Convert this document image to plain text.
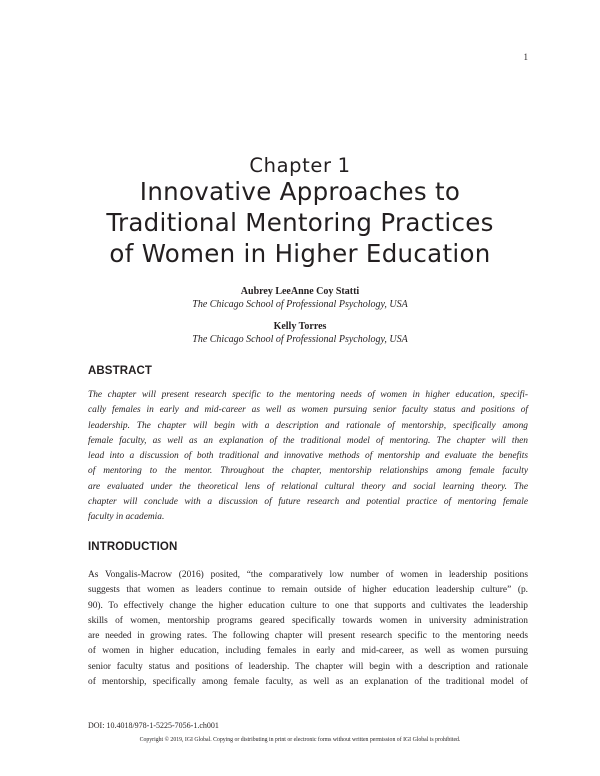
1
Chapter 1
Innovative Approaches to
Traditional Mentoring Practices
of Women in Higher Education
Aubrey LeeAnne Coy Statti
The Chicago School of Professional Psychology, USA
Kelly Torres
The Chicago School of Professional Psychology, USA
ABSTRACT
The chapter will present research specific to the mentoring needs of women in higher education, specifi-
cally females in early and mid-career as well as women pursuing senior faculty status and positions of
leadership. The chapter will begin with a description and rationale of mentorship, specifically among
female faculty, as well as an explanation of the traditional model of mentoring. The chapter will then
lead into a discussion of both traditional and innovative methods of mentorship and evaluate the benefits
of mentoring to the mentor. Throughout the chapter, mentorship relationships among female faculty
are evaluated under the theoretical lens of relational cultural theory and social learning theory. The
chapter will conclude with a discussion of future research and potential practice of mentoring female
faculty in academia.
INTRODUCTION
As Vongalis-Macrow (2016) posited, “the comparatively low number of women in leadership positions
suggests that women as leaders continue to remain outside of higher education leadership culture” (p.
90). To effectively change the higher education culture to one that supports and cultivates the leadership
skills of women, mentorship programs geared specifically towards women in university administration
are needed in growing rates. The following chapter will present research specific to the mentoring needs
of women in higher education, including females in early and mid-career, as well as women pursuing
senior faculty status and positions of leadership. The chapter will begin with a description and rationale
of mentorship, specifically among female faculty, as well as an explanation of the traditional model of
DOI: 10.4018/978-1-5225-7056-1.ch001
Copyright © 2019, IGI Global. Copying or distributing in print or electronic forms without written permission of IGI Global is prohibited.
